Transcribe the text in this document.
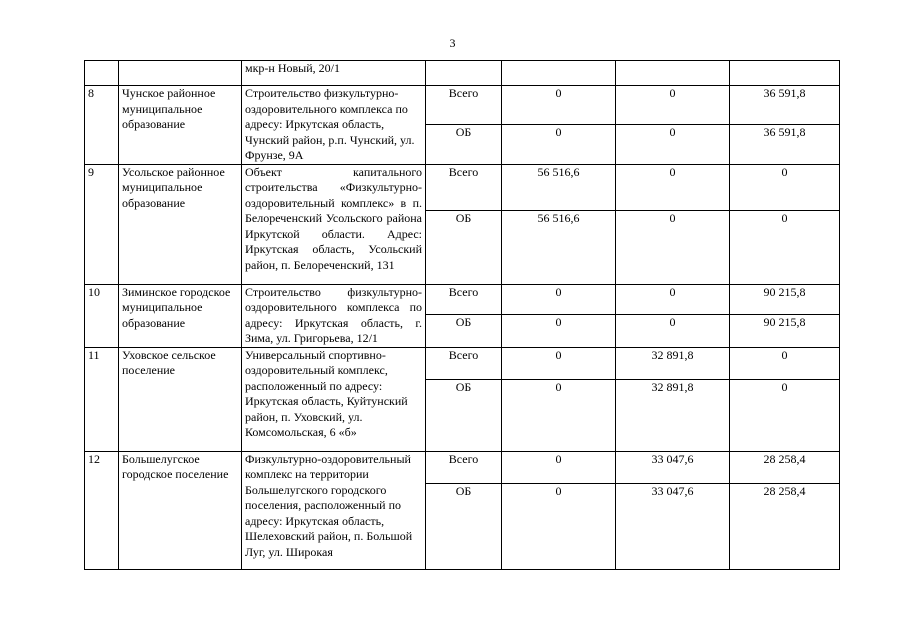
3
		мкр-н Новый, 20/1				
8	Чунское районное муниципальное образование	Строительство физкультурно-оздоровительного комплекса по адресу: Иркутская область, Чунский район, р.п. Чунский, ул. Фрунзе, 9А	Всего	0	0	36 591,8
			ОБ	0	0	36 591,8
9	Усольское районное муниципальное образование	Объект капитального строительства «Физкультурно-оздоровительный комплекс» в п. Белореченский Усольского района Иркутской области. Адрес: Иркутская область, Усольский район, п. Белореченский, 131	Всего	56 516,6	0	0
			ОБ	56 516,6	0	0
10	Зиминское городское муниципальное образование	Строительство физкультурно-оздоровительного комплекса по адресу: Иркутская область, г. Зима, ул. Григорьева, 12/1	Всего	0	0	90 215,8
			ОБ	0	0	90 215,8
11	Уховское сельское поселение	Универсальный спортивно-оздоровительный комплекс, расположенный по адресу: Иркутская область, Куйтунский район, п. Уховский, ул. Комсомольская, 6 «б»	Всего	0	32 891,8	0
			ОБ	0	32 891,8	0
12	Большелугское городское поселение	Физкультурно-оздоровительный комплекс на территории Большелугского городского поселения, расположенный по адресу: Иркутская область, Шелеховский район, п. Большой Луг, ул. Широкая	Всего	0	33 047,6	28 258,4
			ОБ	0	33 047,6	28 258,4
